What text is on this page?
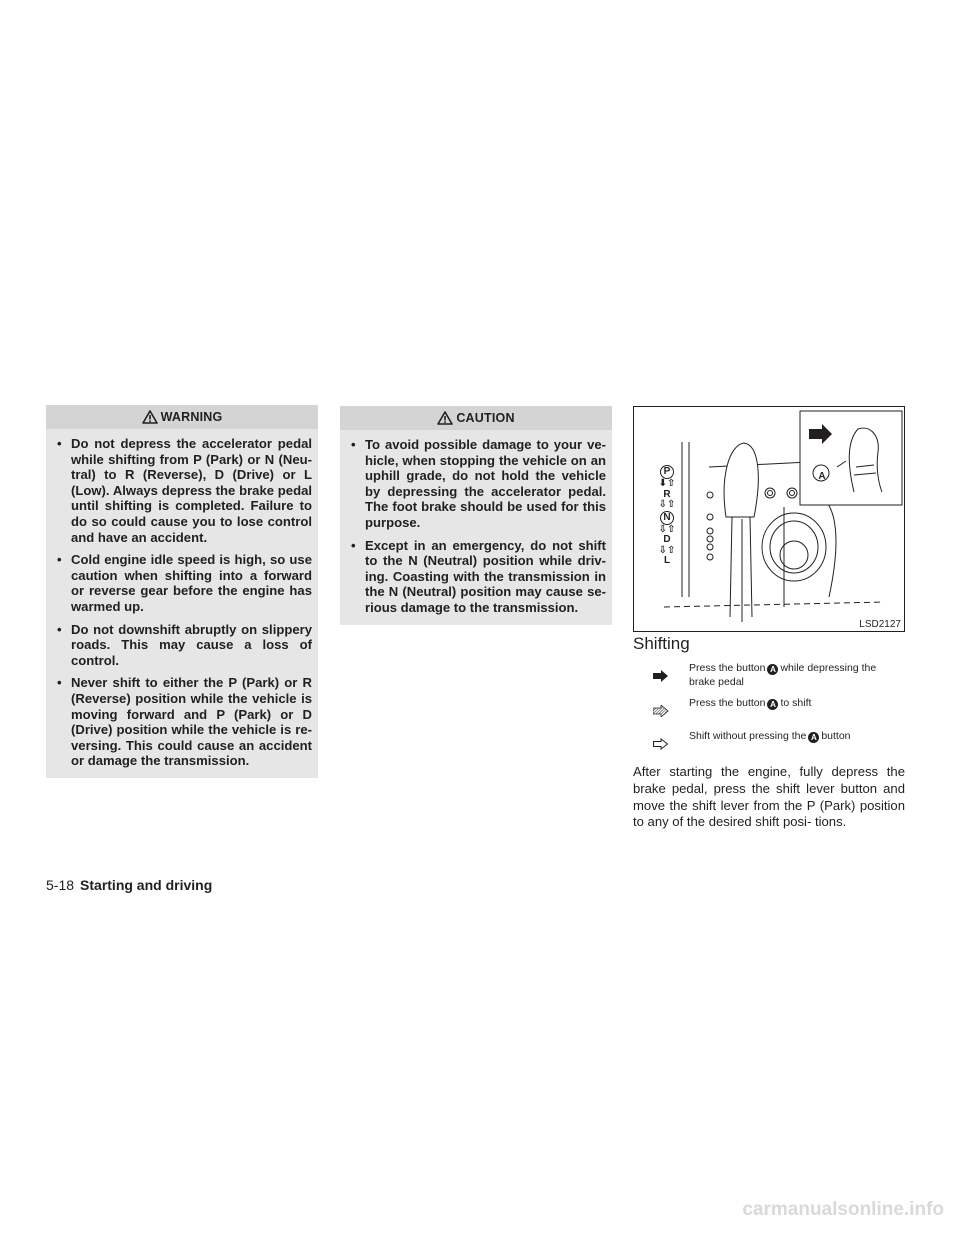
WARNING
• Do not depress the accelerator pedal while shifting from P (Park) or N (Neu- tral) to R (Reverse), D (Drive) or L (Low). Always depress the brake pedal until shifting is completed. Failure to do so could cause you to lose control and have an accident.
• Cold engine idle speed is high, so use caution when shifting into a forward or reverse gear before the engine has warmed up.
• Do not downshift abruptly on slippery roads. This may cause a loss of control.
• Never shift to either the P (Park) or R (Reverse) position while the vehicle is moving forward and P (Park) or D (Drive) position while the vehicle is re- versing. This could cause an accident or damage the transmission.
CAUTION
• To avoid possible damage to your ve- hicle, when stopping the vehicle on an uphill grade, do not hold the vehicle by depressing the accelerator pedal. The foot brake should be used for this purpose.
• Except in an emergency, do not shift to the N (Neutral) position while driv- ing. Coasting with the transmission in the N (Neutral) position may cause se- rious damage to the transmission.
P
⬇⇧
R
⇩⇧
N
⇩⇧
D
⇩⇧
L
A
LSD2127
Shifting
Press the button A while depressing the brake pedal
Press the button A to shift
Shift without pressing the A button
After starting the engine, fully depress the brake pedal, press the shift lever button and move the shift lever from the P (Park) position to any of the desired shift posi- tions.
5-18 Starting and driving
carmanualsonline.info
